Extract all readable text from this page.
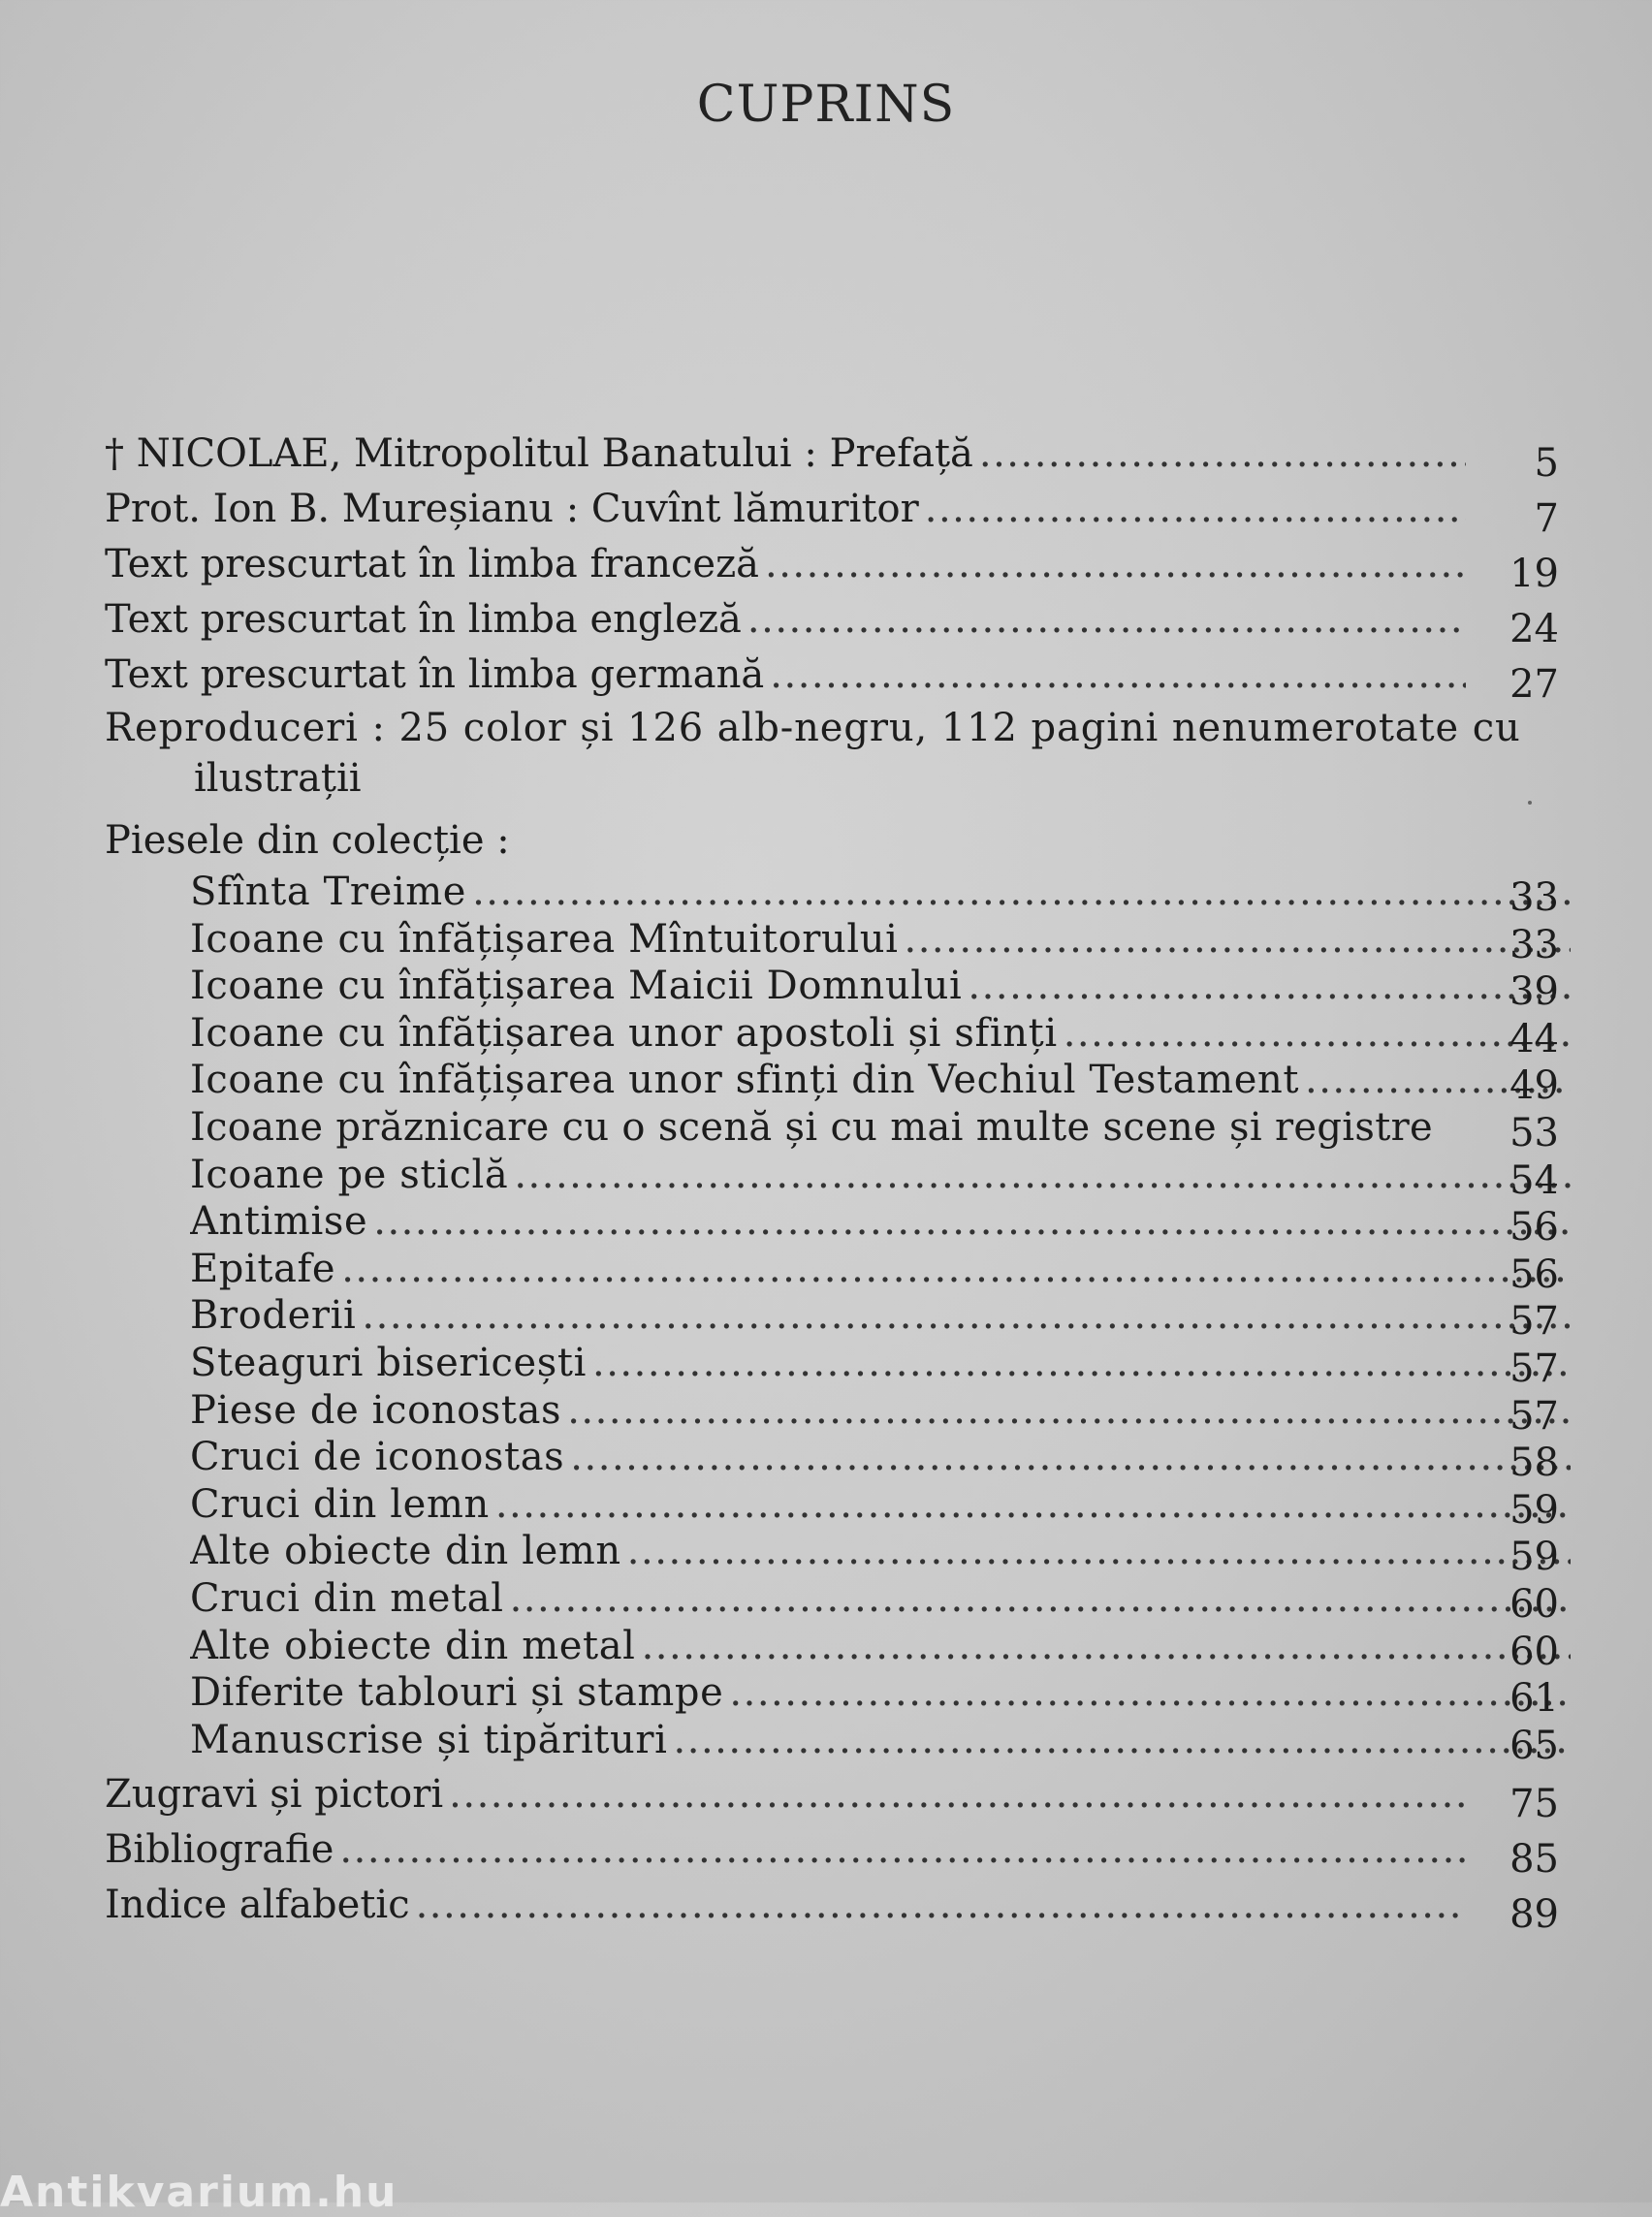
CUPRINS
† NICOLAE, Mitropolitul Banatului : Prefață .....	5
Prot. Ion B. Mureșianu : Cuvînt lămuritor .....	7
Text prescurtat în limba franceză .....	19
Text prescurtat în limba engleză .....	24
Text prescurtat în limba germană .....	27
Reproduceri : 25 color și 126 alb-negru, 112 pagini nenumerotate cu
ilustrații
Piesele din colecție :
Sfînta Treime .....	33
Icoane cu înfățișarea Mîntuitorului .....	33
Icoane cu înfățișarea Maicii Domnului .....	39
Icoane cu înfățișarea unor apostoli și sfinți .....	44
Icoane cu înfățișarea unor sfinți din Vechiul Testament .....	49
Icoane prăznicare cu o scenă și cu mai multe scene și registre	53
Icoane pe sticlă .....	54
Antimise .....	56
Epitafe .....	56
Broderii .....	57
Steaguri bisericești .....	57
Piese de iconostas .....	57
Cruci de iconostas .....	58
Cruci din lemn .....	59
Alte obiecte din lemn .....	59
Cruci din metal .....	60
Alte obiecte din metal .....	60
Diferite tablouri și stampe .....	61
Manuscrise și tipărituri .....	65
Zugravi și pictori .....	75
Bibliografie .....	85
Indice alfabetic .....	89
Antikvarium.hu
